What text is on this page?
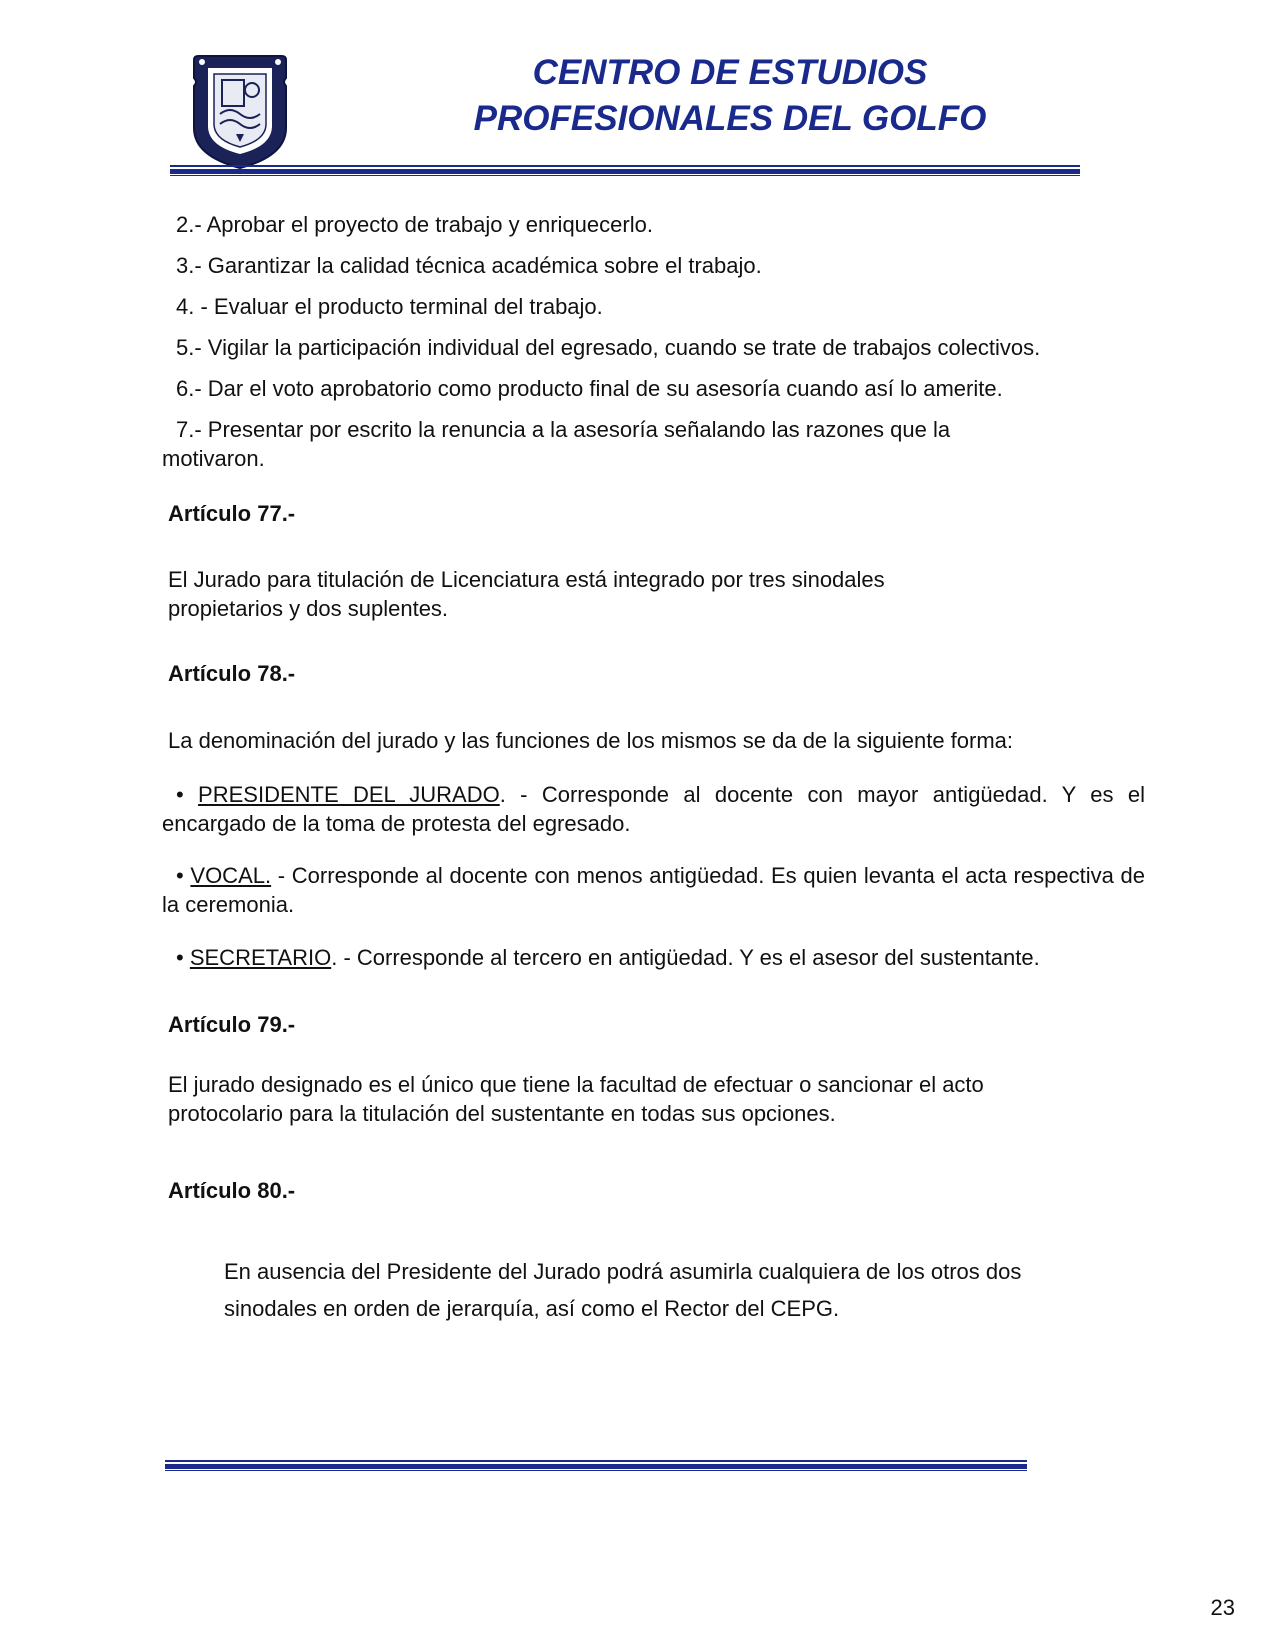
CENTRO DE ESTUDIOS
PROFESIONALES DEL GOLFO

2.- Aprobar el proyecto de trabajo y enriquecerlo.

3.- Garantizar la calidad técnica académica sobre el trabajo.

4. - Evaluar el producto terminal del trabajo.

5.- Vigilar la participación individual del egresado, cuando se trate de trabajos colectivos.

6.- Dar el voto aprobatorio como producto final de su asesoría cuando así lo amerite.

7.- Presentar por escrito la renuncia a la asesoría señalando las razones que la motivaron.

Artículo 77.-

El Jurado para titulación de Licenciatura está integrado por tres sinodales propietarios y dos suplentes.

Artículo 78.-

La denominación del jurado y las funciones de los mismos se da de la siguiente forma:

• PRESIDENTE DEL JURADO. - Corresponde al docente con mayor antigüedad. Y es el encargado de la toma de protesta del egresado.

• VOCAL. - Corresponde al docente con menos antigüedad. Es quien levanta el acta respectiva de la ceremonia.

• SECRETARIO. - Corresponde al tercero en antigüedad. Y es el asesor del sustentante.

Artículo 79.-

El jurado designado es el único que tiene la facultad de efectuar o sancionar el acto protocolario para la titulación del sustentante en todas sus opciones.

Artículo 80.-

En ausencia del Presidente del Jurado podrá asumirla cualquiera de los otros dos sinodales en orden de jerarquía, así como el Rector del CEPG.

23
